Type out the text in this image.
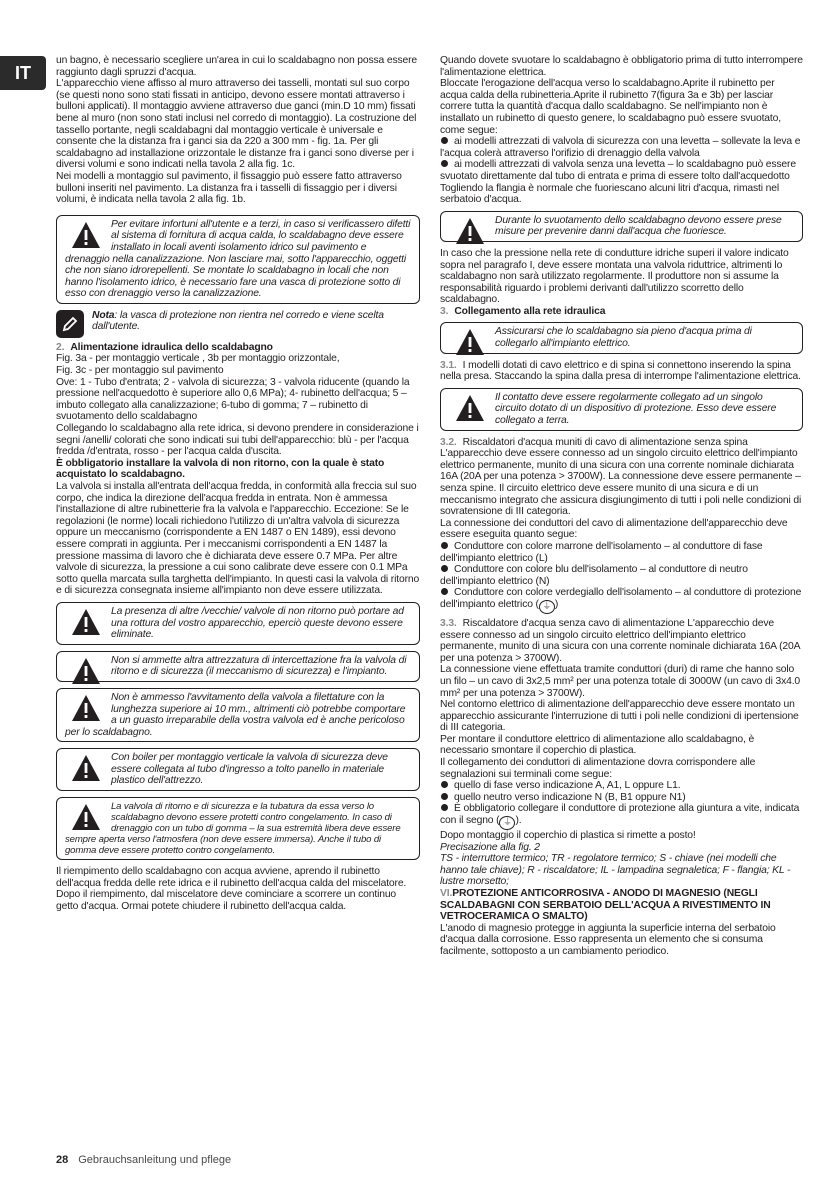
IT

un bagno, è necessario scegliere un'area in cui lo scaldabagno non possa essere raggiunto dagli spruzzi d'acqua.

L'apparecchio viene affisso al muro attraverso dei tasselli, montati sul suo corpo (se questi nono sono stati fissati in anticipo, devono essere montati attraverso i bulloni applicati). Il montaggio avviene attraverso due ganci (min.D 10 mm) fissati bene al muro (non sono stati inclusi nel corredo di montaggio). La costruzione del tassello portante, negli scaldabagni dal montaggio verticale è universale e consente che la distanza fra i ganci sia da 220 a 300 mm - fig. 1a. Per gli scaldabagno ad installazione orizzontale le distanze fra i ganci sono diverse per i diversi volumi e sono indicati nella tavola 2 alla fig. 1c.

Nei modelli a montaggio sul pavimento, il fissaggio può essere fatto attraverso bulloni inseriti nel pavimento. La distanza fra i tasselli di fissaggio per i diversi volumi, è indicata nella tavola 2 alla fig. 1b.

Per evitare infortuni all'utente e a terzi, in caso si verificassero difetti al sistema di fornitura di acqua calda, lo scaldabagno deve essere installato in locali aventi isolamento idrico sul pavimento e drenaggio nella canalizzazione. Non lasciare mai, sotto l'apparecchio, oggetti che non siano idrorepellenti. Se montate lo scaldabagno in locali che non hanno l'isolamento idrico, è necessario fare una vasca di protezione sotto di esso con drenaggio verso la canalizzazione.
Nota: la vasca di protezione non rientra nel corredo e viene scelta dall'utente.

2. Alimentazione idraulica dello scaldabagno

Fig. 3a - per montaggio verticale , 3b per montaggio orizzontale,

Fig. 3c - per montaggio sul pavimento

Ove: 1 - Tubo d'entrata; 2 - valvola di sicurezza; 3 - valvola riducente (quando la pressione nell'acquedotto è superiore allo 0,6 MPa); 4- rubinetto dell'acqua; 5 – imbuto collegato alla canalizzazione; 6-tubo di gomma; 7 – rubinetto di svuotamento dello scaldabagno

Collegando lo scaldabagno alla rete idrica, si devono prendere in considerazione i segni /anelli/ colorati che sono indicati sui tubi dell'apparecchio: blù - per l'acqua fredda /d'entrata, rosso - per l'acqua calda d'uscita.

È obbligatorio installare la valvola di non ritorno, con la quale è stato acquistato lo scaldabagno.

La valvola si installa all'entrata dell'acqua fredda, in conformità alla freccia sul suo corpo, che indica la direzione dell'acqua fredda in entrata. Non è ammessa l'installazione di altre rubinetterie fra la valvola e l'apparecchio. Eccezione: Se le regolazioni (le norme) locali richiedono l'utilizzo di un'altra valvola di sicurezza oppure un meccanismo (corrispondente a EN 1487 o EN 1489), essi devono essere comprati in aggiunta. Per i meccanismi corrispondenti a EN 1487 la pressione massima di lavoro che è dichiarata deve essere 0.7 MPa. Per altre valvole di sicurezza, la pressione a cui sono calibrate deve essere con 0.1 MPa sotto quella marcata sulla targhetta dell'impianto. In questi casi la valvola di ritorno e di sicurezza consegnata insieme all'impianto non deve essere utilizzata.

La presenza di altre /vecchie/ valvole di non ritorno può portare ad una rottura del vostro apparecchio, eperciò queste devono essere eliminate.
Non si ammette altra attrezzatura di intercettazione fra la valvola di ritorno e di sicurezza (il meccanismo di sicurezza) e l'impianto.
Non è ammesso l'avvitamento della valvola a filettature con la lunghezza superiore ai 10 mm., altrimenti ciò potrebbe comportare a un guasto irreparabile della vostra valvola ed è anche pericoloso per lo scaldabagno.
Con boiler per montaggio verticale la valvola di sicurezza deve essere collegata al tubo d'ingresso a tolto panello in materiale plastico dell'attrezzo.
La valvola di ritorno e di sicurezza e la tubatura da essa verso lo scaldabagno devono essere protetti contro congelamento. In caso di drenaggio con un tubo di gomma – la sua estremità libera deve essere sempre aperta verso l'atmosfera (non deve essere immersa). Anche il tubo di gomma deve essere protetto contro congelamento.

Il riempimento dello scaldabagno con acqua avviene, aprendo il rubinetto dell'acqua fredda delle rete idrica e il rubinetto dell'acqua calda del miscelatore. Dopo il riempimento, dal miscelatore deve cominciare a scorrere un continuo getto d'acqua. Ormai potete chiudere il rubinetto dell'acqua calda.

Quando dovete svuotare lo scaldabagno è obbligatorio prima di tutto interrompere l'alimentazione elettrica.

Bloccate l'erogazione dell'acqua verso lo scaldabagno.Aprite il rubinetto per acqua calda della rubinetteria.Aprite il rubinetto 7(figura 3a e 3b) per lasciar correre tutta la quantità d'acqua dallo scaldabagno. Se nell'impianto non è installato un rubinetto di questo genere, lo scaldabagno può essere svuotato, come segue:

ai modelli attrezzati di valvola di sicurezza con una levetta – sollevate la leva e l'acqua colerà attraverso l'orifizio di drenaggio della valvola

ai modelli attrezzati di valvola senza una levetta – lo scaldabagno può essere svuotato direttamente dal tubo di entrata e prima di essere tolto dall'acquedotto

Togliendo la flangia è normale che fuoriescano alcuni litri d'acqua, rimasti nel serbatoio d'acqua.

Durante lo svuotamento dello scaldabagno devono essere prese misure per prevenire danni dall'acqua che fuoriesce.

In caso che la pressione nella rete di condutture idriche superi il valore indicato sopra nel paragrafo I, deve essere montata una valvola riduttrice, altrimenti lo scaldabagno non sarà utilizzato regolarmente. Il produttore non si assume la responsabilità riguardo i problemi derivanti dall'utilizzo scorretto dello scaldabagno.

3. Collegamento alla rete idraulica

Assicurarsi che lo scaldabagno sia pieno d'acqua prima di collegarlo all'impianto elettrico.

3.1. I modelli dotati di cavo elettrico e di spina si connettono inserendo la spina nella presa. Staccando la spina dalla presa di interrompe l'alimentazione elettrica.

Il contatto deve essere regolarmente collegato ad un singolo circuito dotato di un dispositivo di protezione. Esso deve essere collegato a terra.

3.2. Riscaldatori d'acqua muniti di cavo di alimentazione senza spina L'apparecchio deve essere connesso ad un singolo circuito elettrico dell'impianto elettrico permanente, munito di una sicura con una corrente nominale dichiarata 16A (20A per una potenza > 3700W). La connessione deve essere permanente – senza spine. Il circuito elettrico deve essere munito di una sicura e di un meccanismo integrato che assicura disgiungimento di tutti i poli nelle condizioni di sovratensione di III categoria.

La connessione dei conduttori del cavo di alimentazione dell'apparecchio deve essere eseguita quanto segue:

Conduttore con colore marrone dell'isolamento – al conduttore di fase dell'impianto elettrico (L)

Conduttore con colore blu dell'isolamento – al conduttore di neutro dell'impianto elettrico (N)

Conduttore con colore verdegiallo dell'isolamento – al conduttore di protezione dell'impianto elettrico ( ⏚ )

3.3. Riscaldatore d'acqua senza cavo di alimentazione L'apparecchio deve essere connesso ad un singolo circuito elettrico dell'impianto elettrico permanente, munito di una sicura con una corrente nominale dichiarata 16A (20A per una potenza > 3700W).

La connessione viene effettuata tramite conduttori (duri) di rame che hanno solo un filo – un cavo di 3x2,5 mm² per una potenza totale di 3000W (un cavo di 3x4.0 mm² per una potenza > 3700W).

Nel contorno elettrico di alimentazione dell'apparecchio deve essere montato un apparecchio assicurante l'interruzione di tutti i poli nelle condizioni di ipertensione di III categoria.

Per montare il conduttore elettrico di alimentazione allo scaldabagno, è necessario smontare il coperchio di plastica.

Il collegamento dei conduttori di alimentazione dovra corrispondere alle segnalazioni sui terminali come segue:

quello di fase verso indicazione A, A1, L oppure L1.

quello neutro verso indicazione N (B, B1 oppure N1)

È obbligatorio collegare il conduttore di protezione alla giuntura a vite, indicata con il segno ( ⏚ ).

Dopo montaggio il coperchio di plastica si rimette a posto!

Precisazione alla fig. 2

TS - interruttore termico; TR - regolatore termico; S - chiave (nei modelli che hanno tale chiave); R - riscaldatore; IL - lampadina segnaletica; F - flangia; KL - lustre morsetto;

VI.PROTEZIONE ANTICORROSIVA - ANODO DI MAGNESIO (NEGLI SCALDABAGNI CON SERBATOIO DELL'ACQUA A RIVESTIMENTO IN VETROCERAMICA O SMALTO)

L'anodo di magnesio protegge in aggiunta la superficie interna del serbatoio d'acqua dalla corrosione. Esso rappresenta un elemento che si consuma facilmente, sottoposto a un cambiamento periodico.

28 Gebrauchsanleitung und pflege
